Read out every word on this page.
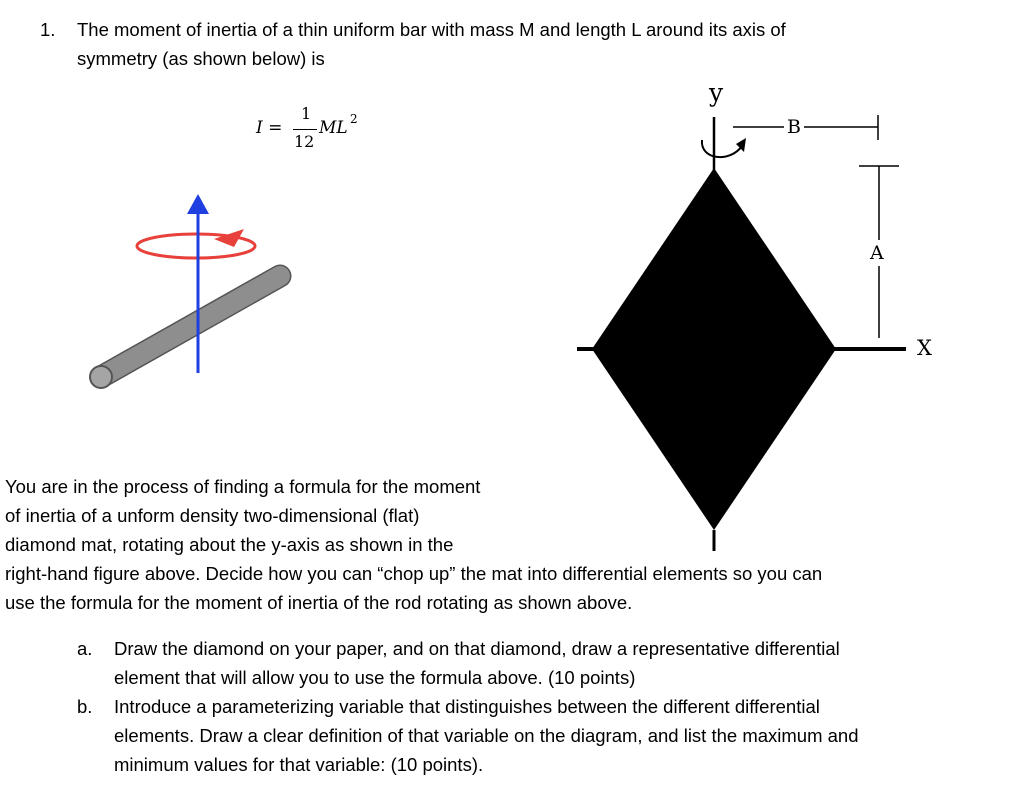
1. The moment of inertia of a thin uniform bar with mass M and length L around its axis of
symmetry (as shown below) is
I =
1
12
ML 2
y
B
A
X
You are in the process of finding a formula for the moment
of inertia of a unform density two-dimensional (flat)
diamond mat, rotating about the y-axis as shown in the
right-hand figure above. Decide how you can “chop up” the mat into differential elements so you can
use the formula for the moment of inertia of the rod rotating as shown above.
a. Draw the diamond on your paper, and on that diamond, draw a representative differential
element that will allow you to use the formula above. (10 points)
b. Introduce a parameterizing variable that distinguishes between the different differential
elements. Draw a clear definition of that variable on the diagram, and list the maximum and
minimum values for that variable: (10 points).
